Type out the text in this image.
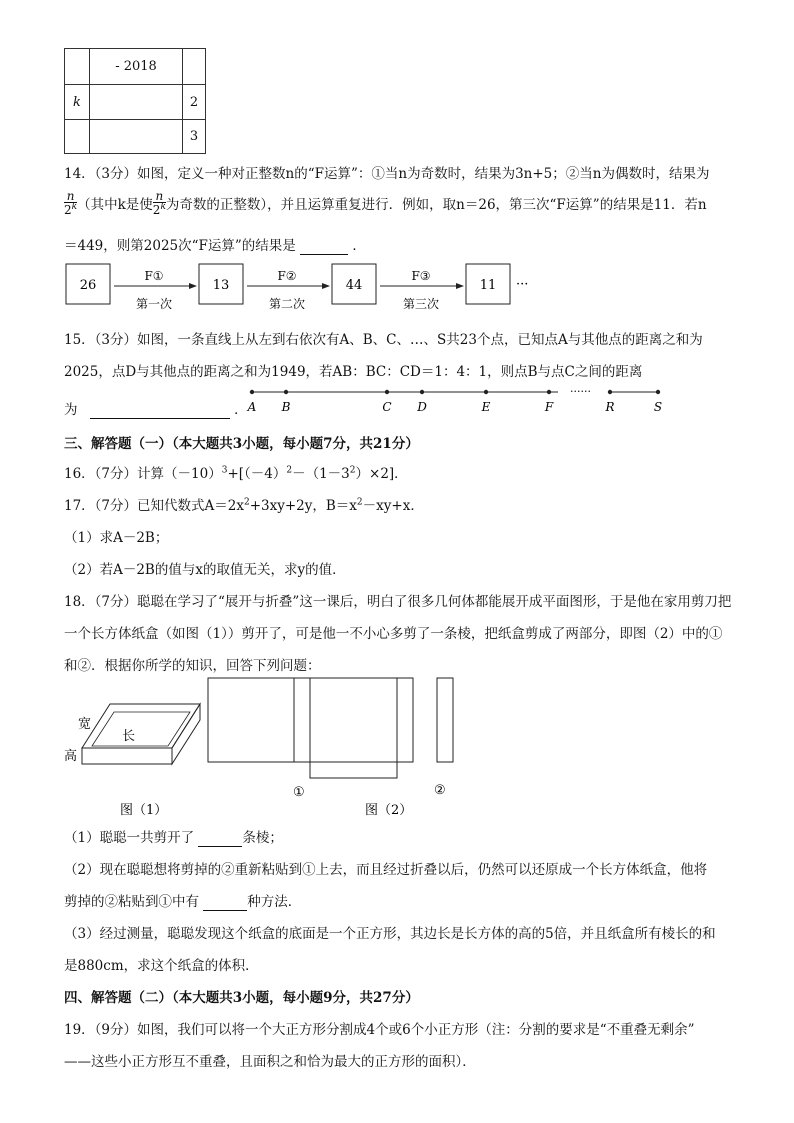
	- 2018	
k		2
		3
14．（3分）如图，定义一种对正整数n的“F运算”：①当n为奇数时，结果为3n+5；②当n为偶数时，结果为
$\frac{n}{2^k}$ （其中k是使 $\frac{n}{2^k}$ 为奇数的正整数），并且运算重复进行．例如，取n＝26，第三次“F运算”的结果是11．若n
＝449，则第2025次“F运算”的结果是	．
26	13	44	11 ···
F①	F②	F③
第一次	第二次	第三次
15．（3分）如图，一条直线上从左到右依次有A、B、C、…、S共23个点，已知点A与其他点的距离之和为
2025，点D与其他点的距离之和为1949，若AB：BC：CD＝1：4：1，则点B与点C之间的距离
为	．
······
A B	C D	E	F	R	S
三、解答题（一）（本大题共3小题，每小题7分，共21分）
16．（7分）计算$(-10)^3+[(-4)^2-(1-3^2)\times 2]$．
17．（7分）已知代数式$A=2x^2+3xy+2y$，$B=x^2-xy+x$．
（1）求A－2B；
（2）若A－2B的值与x的取值无关，求y的值．
18．（7分）聪聪在学习了“展开与折叠”这一课后，明白了很多几何体都能展开成平面图形，于是他在家用剪刀把
一个长方体纸盒（如图（1））剪开了，可是他一不小心多剪了一条棱，把纸盒剪成了两部分，即图（2）中的①
和②．根据你所学的知识，回答下列问题：
宽
长
高
图（1）
①
图（2）
②
（1）聪聪一共剪开了	条棱；
（2）现在聪聪想将剪掉的②重新粘贴到①上去，而且经过折叠以后，仍然可以还原成一个长方体纸盒，他将
剪掉的②粘贴到①中有	种方法．
（3）经过测量，聪聪发现这个纸盒的底面是一个正方形，其边长是长方体的高的5倍，并且纸盒所有棱长的和
是880cm，求这个纸盒的体积．
四、解答题（二）（本大题共3小题，每小题9分，共27分）
19．（9分）如图，我们可以将一个大正方形分割成4个或6个小正方形（注：分割的要求是“不重叠无剩余”
——这些小正方形互不重叠，且面积之和恰为最大的正方形的面积）．
